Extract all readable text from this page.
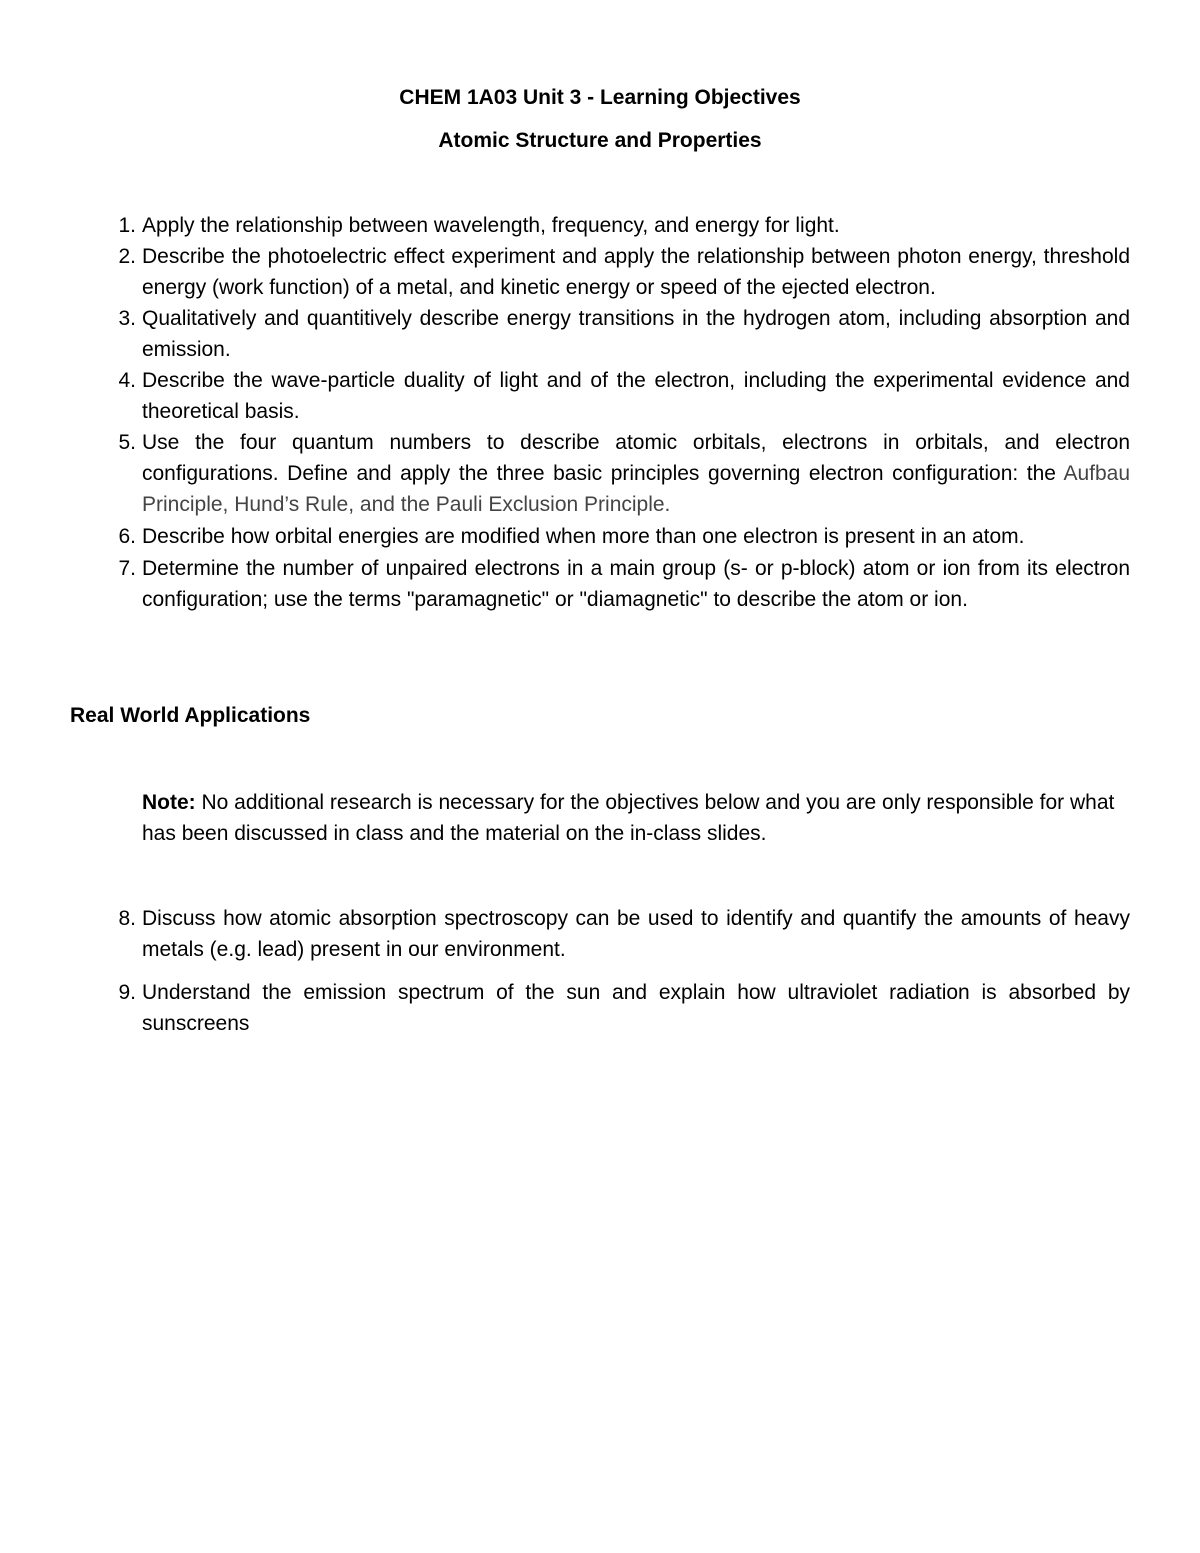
CHEM 1A03 Unit 3 - Learning Objectives
Atomic Structure and Properties
1. Apply the relationship between wavelength, frequency, and energy for light.
2. Describe the photoelectric effect experiment and apply the relationship between photon energy, threshold energy (work function) of a metal, and kinetic energy or speed of the ejected electron.
3. Qualitatively and quantitively describe energy transitions in the hydrogen atom, including absorption and emission.
4. Describe the wave-particle duality of light and of the electron, including the experimental evidence and theoretical basis.
5. Use the four quantum numbers to describe atomic orbitals, electrons in orbitals, and electron configurations. Define and apply the three basic principles governing electron configuration: the Aufbau Principle, Hund’s Rule, and the Pauli Exclusion Principle.
6. Describe how orbital energies are modified when more than one electron is present in an atom.
7. Determine the number of unpaired electrons in a main group (s- or p-block) atom or ion from its electron configuration; use the terms "paramagnetic" or "diamagnetic" to describe the atom or ion.
Real World Applications
Note: No additional research is necessary for the objectives below and you are only responsible for what has been discussed in class and the material on the in-class slides.
8. Discuss how atomic absorption spectroscopy can be used to identify and quantify the amounts of heavy metals (e.g. lead) present in our environment.
9. Understand the emission spectrum of the sun and explain how ultraviolet radiation is absorbed by sunscreens
